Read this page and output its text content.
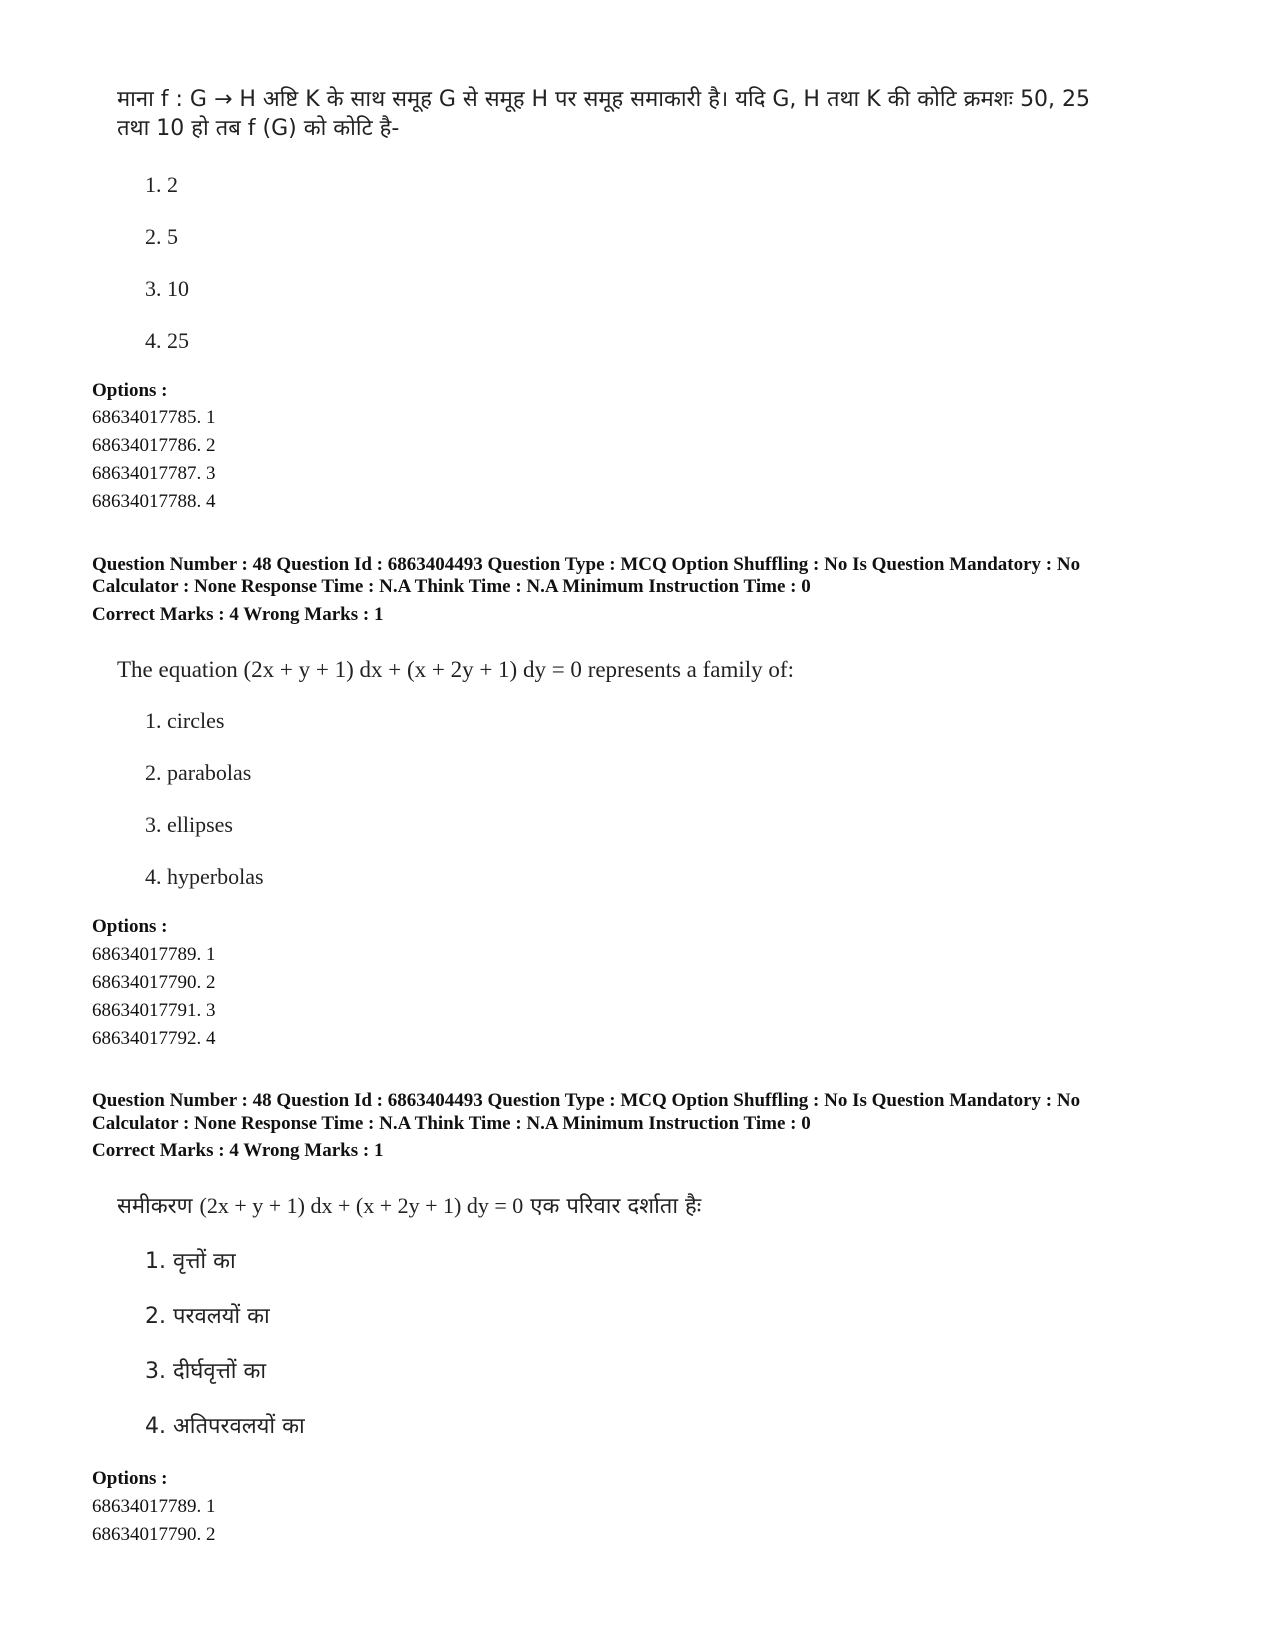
माना f : G → H अष्टि K के साथ समूह G से समूह H पर समूह समाकारी है। यदि G, H तथा K की कोटि क्रमशः 50, 25
तथा 10 हो तब f (G) को कोटि है-
1. 2
2. 5
3. 10
4. 25
Options :
68634017785. 1
68634017786. 2
68634017787. 3
68634017788. 4
Question Number : 48 Question Id : 6863404493 Question Type : MCQ Option Shuffling : No Is Question Mandatory : No
Calculator : None Response Time : N.A Think Time : N.A Minimum Instruction Time : 0
Correct Marks : 4 Wrong Marks : 1
The equation (2x + y + 1) dx + (x + 2y + 1) dy = 0 represents a family of:
1. circles
2. parabolas
3. ellipses
4. hyperbolas
Options :
68634017789. 1
68634017790. 2
68634017791. 3
68634017792. 4
Question Number : 48 Question Id : 6863404493 Question Type : MCQ Option Shuffling : No Is Question Mandatory : No
Calculator : None Response Time : N.A Think Time : N.A Minimum Instruction Time : 0
Correct Marks : 4 Wrong Marks : 1
समीकरण (2x + y + 1) dx + (x + 2y + 1) dy = 0 एक परिवार दर्शाता हैः
1. वृत्तों का
2. परवलयों का
3. दीर्घवृत्तों का
4. अतिपरवलयों का
Options :
68634017789. 1
68634017790. 2
